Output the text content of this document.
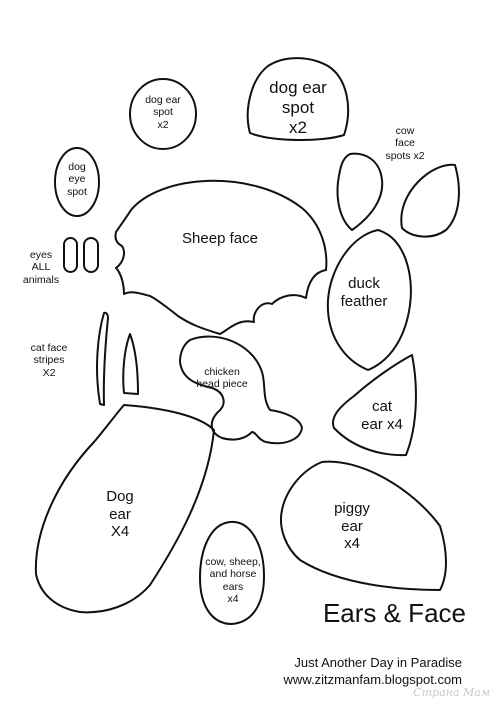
dog ear
spot
x2
dog ear
spot
x2	cow
face
spots x2
dog
eye
spot
Sheep face
eyes
ALL
animals	duck
feather
cat face
stripes
X2	chicken
head piece
cat
ear x4
Dog
ear
X4
piggy
ear
x4
cow, sheep,
and horse
ears
x4	Ears & Face
Just Another Day in Paradise
www.zitzmanfam.blogspot.com
Страна Мам
